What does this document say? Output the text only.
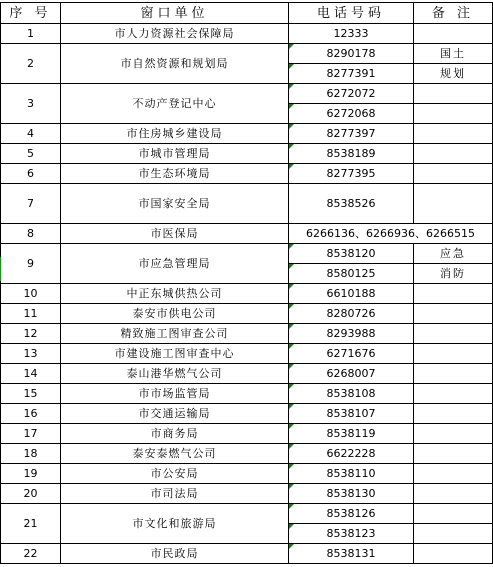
序 号	窗口单位	电话号码	备 注
1	市人力资源社会保障局	12333	
2	市自然资源和规划局	8290178	国土
		8277391	规划
3	不动产登记中心	6272072	
		6272068	
4	市住房城乡建设局	8277397	
5	市城市管理局	8538189	
6	市生态环境局	8277395	
7	市国家安全局	8538526	
8	市医保局	6266136、6266936、6266515	
9	市应急管理局	8538120	应急
		8580125	消防
10	中正东城供热公司	6610188	
11	泰安市供电公司	8280726	
12	精致施工图审查公司	8293988	
13	市建设施工图审查中心	6271676	
14	泰山港华燃气公司	6268007	
15	市市场监管局	8538108	
16	市交通运输局	8538107	
17	市商务局	8538119	
18	泰安泰燃气公司	6622228	
19	市公安局	8538110	
20	市司法局	8538130	
21	市文化和旅游局	8538126	
		8538123	
22	市民政局	8538131	
